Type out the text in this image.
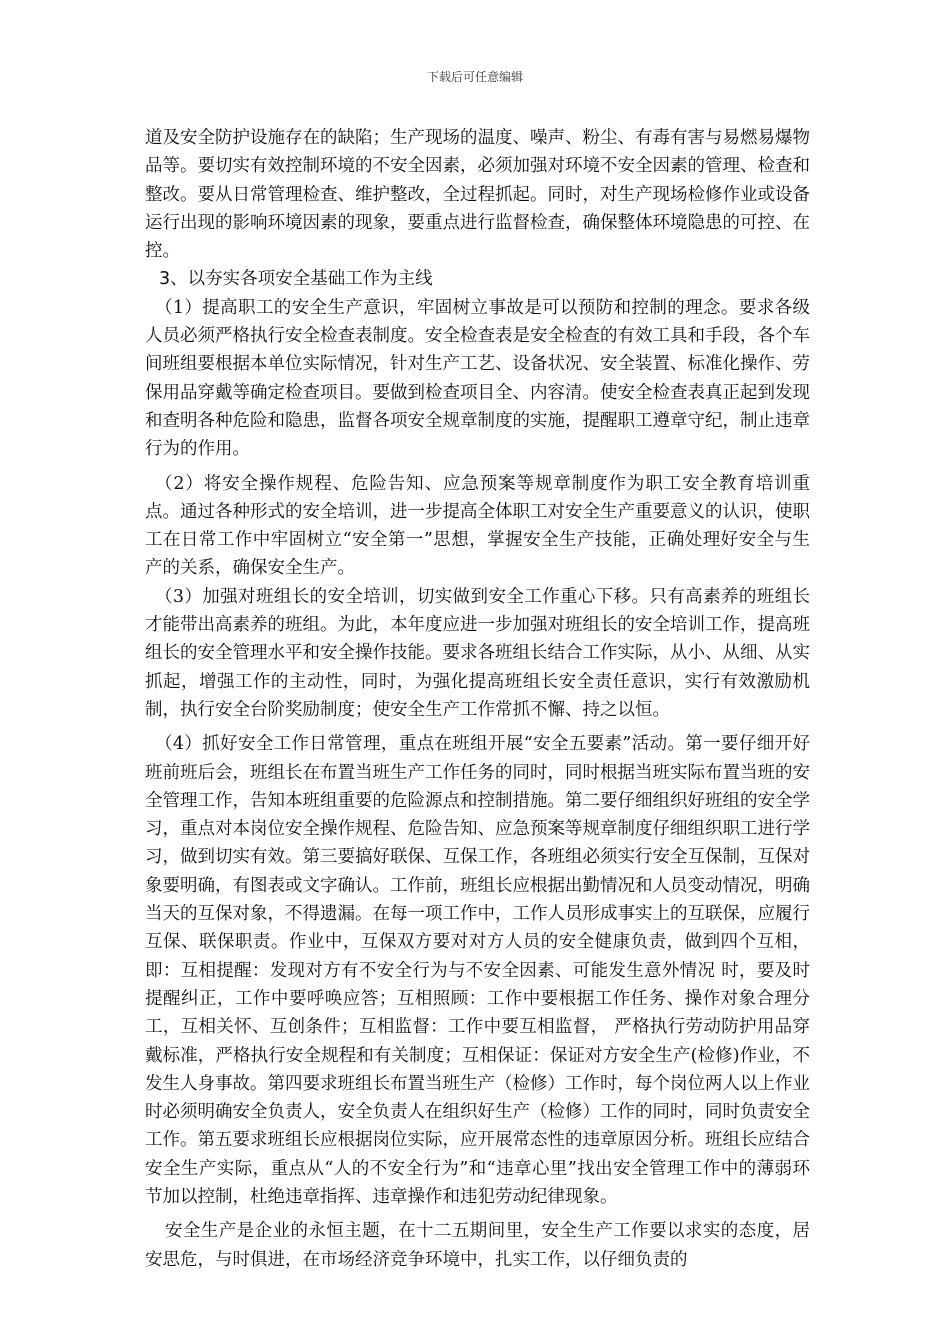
下载后可任意编辑

道及安全防护设施存在的缺陷；生产现场的温度、噪声、粉尘、有毒有害与易燃易爆物品等。要切实有效控制环境的不安全因素，必须加强对环境不安全因素的管理、检查和整改。要从日常管理检查、维护整改，全过程抓起。同时，对生产现场检修作业或设备运行出现的影响环境因素的现象，要重点进行监督检查，确保整体环境隐患的可控、在控。

3、以夯实各项安全基础工作为主线

（1）提高职工的安全生产意识，牢固树立事故是可以预防和控制的理念。要求各级人员必须严格执行安全检查表制度。安全检查表是安全检查的有效工具和手段，各个车间班组要根据本单位实际情况，针对生产工艺、设备状况、安全装置、标准化操作、劳保用品穿戴等确定检查项目。要做到检查项目全、内容清。使安全检查表真正起到发现和查明各种危险和隐患，监督各项安全规章制度的实施，提醒职工遵章守纪，制止违章行为的作用。

（2）将安全操作规程、危险告知、应急预案等规章制度作为职工安全教育培训重点。通过各种形式的安全培训，进一步提高全体职工对安全生产重要意义的认识，使职工在日常工作中牢固树立“安全第一”思想，掌握安全生产技能，正确处理好安全与生产的关系，确保安全生产。

（3）加强对班组长的安全培训，切实做到安全工作重心下移。只有高素养的班组长才能带出高素养的班组。为此，本年度应进一步加强对班组长的安全培训工作，提高班组长的安全管理水平和安全操作技能。要求各班组长结合工作实际，从小、从细、从实抓起，增强工作的主动性，同时，为强化提高班组长安全责任意识，实行有效激励机制，执行安全台阶奖励制度；使安全生产工作常抓不懈、持之以恒。

（4）抓好安全工作日常管理，重点在班组开展“安全五要素”活动。第一要仔细开好班前班后会，班组长在布置当班生产工作任务的同时，同时根据当班实际布置当班的安全管理工作，告知本班组重要的危险源点和控制措施。第二要仔细组织好班组的安全学习，重点对本岗位安全操作规程、危险告知、应急预案等规章制度仔细组织职工进行学习，做到切实有效。第三要搞好联保、互保工作，各班组必须实行安全互保制，互保对象要明确，有图表或文字确认。工作前，班组长应根据出勤情况和人员变动情况，明确当天的互保对象，不得遗漏。在每一项工作中，工作人员形成事实上的互联保，应履行互保、联保职责。作业中，互保双方要对对方人员的安全健康负责，做到四个互相，即：互相提醒：发现对方有不安全行为与不安全因素、可能发生意外情况 时，要及时提醒纠正，工作中要呼唤应答；互相照顾：工作中要根据工作任务、操作对象合理分工，互相关怀、互创条件；互相监督：工作中要互相监督， 严格执行劳动防护用品穿戴标准，严格执行安全规程和有关制度；互相保证：保证对方安全生产(检修)作业，不发生人身事故。第四要求班组长布置当班生产（检修）工作时，每个岗位两人以上作业时必须明确安全负责人，安全负责人在组织好生产（检修）工作的同时，同时负责安全工作。第五要求班组长应根据岗位实际，应开展常态性的违章原因分析。班组长应结合安全生产实际，重点从“人的不安全行为”和“违章心里”找出安全管理工作中的薄弱环节加以控制，杜绝违章指挥、违章操作和违犯劳动纪律现象。

安全生产是企业的永恒主题，在十二五期间里，安全生产工作要以求实的态度，居安思危，与时俱进，在市场经济竞争环境中，扎实工作，以仔细负责的
